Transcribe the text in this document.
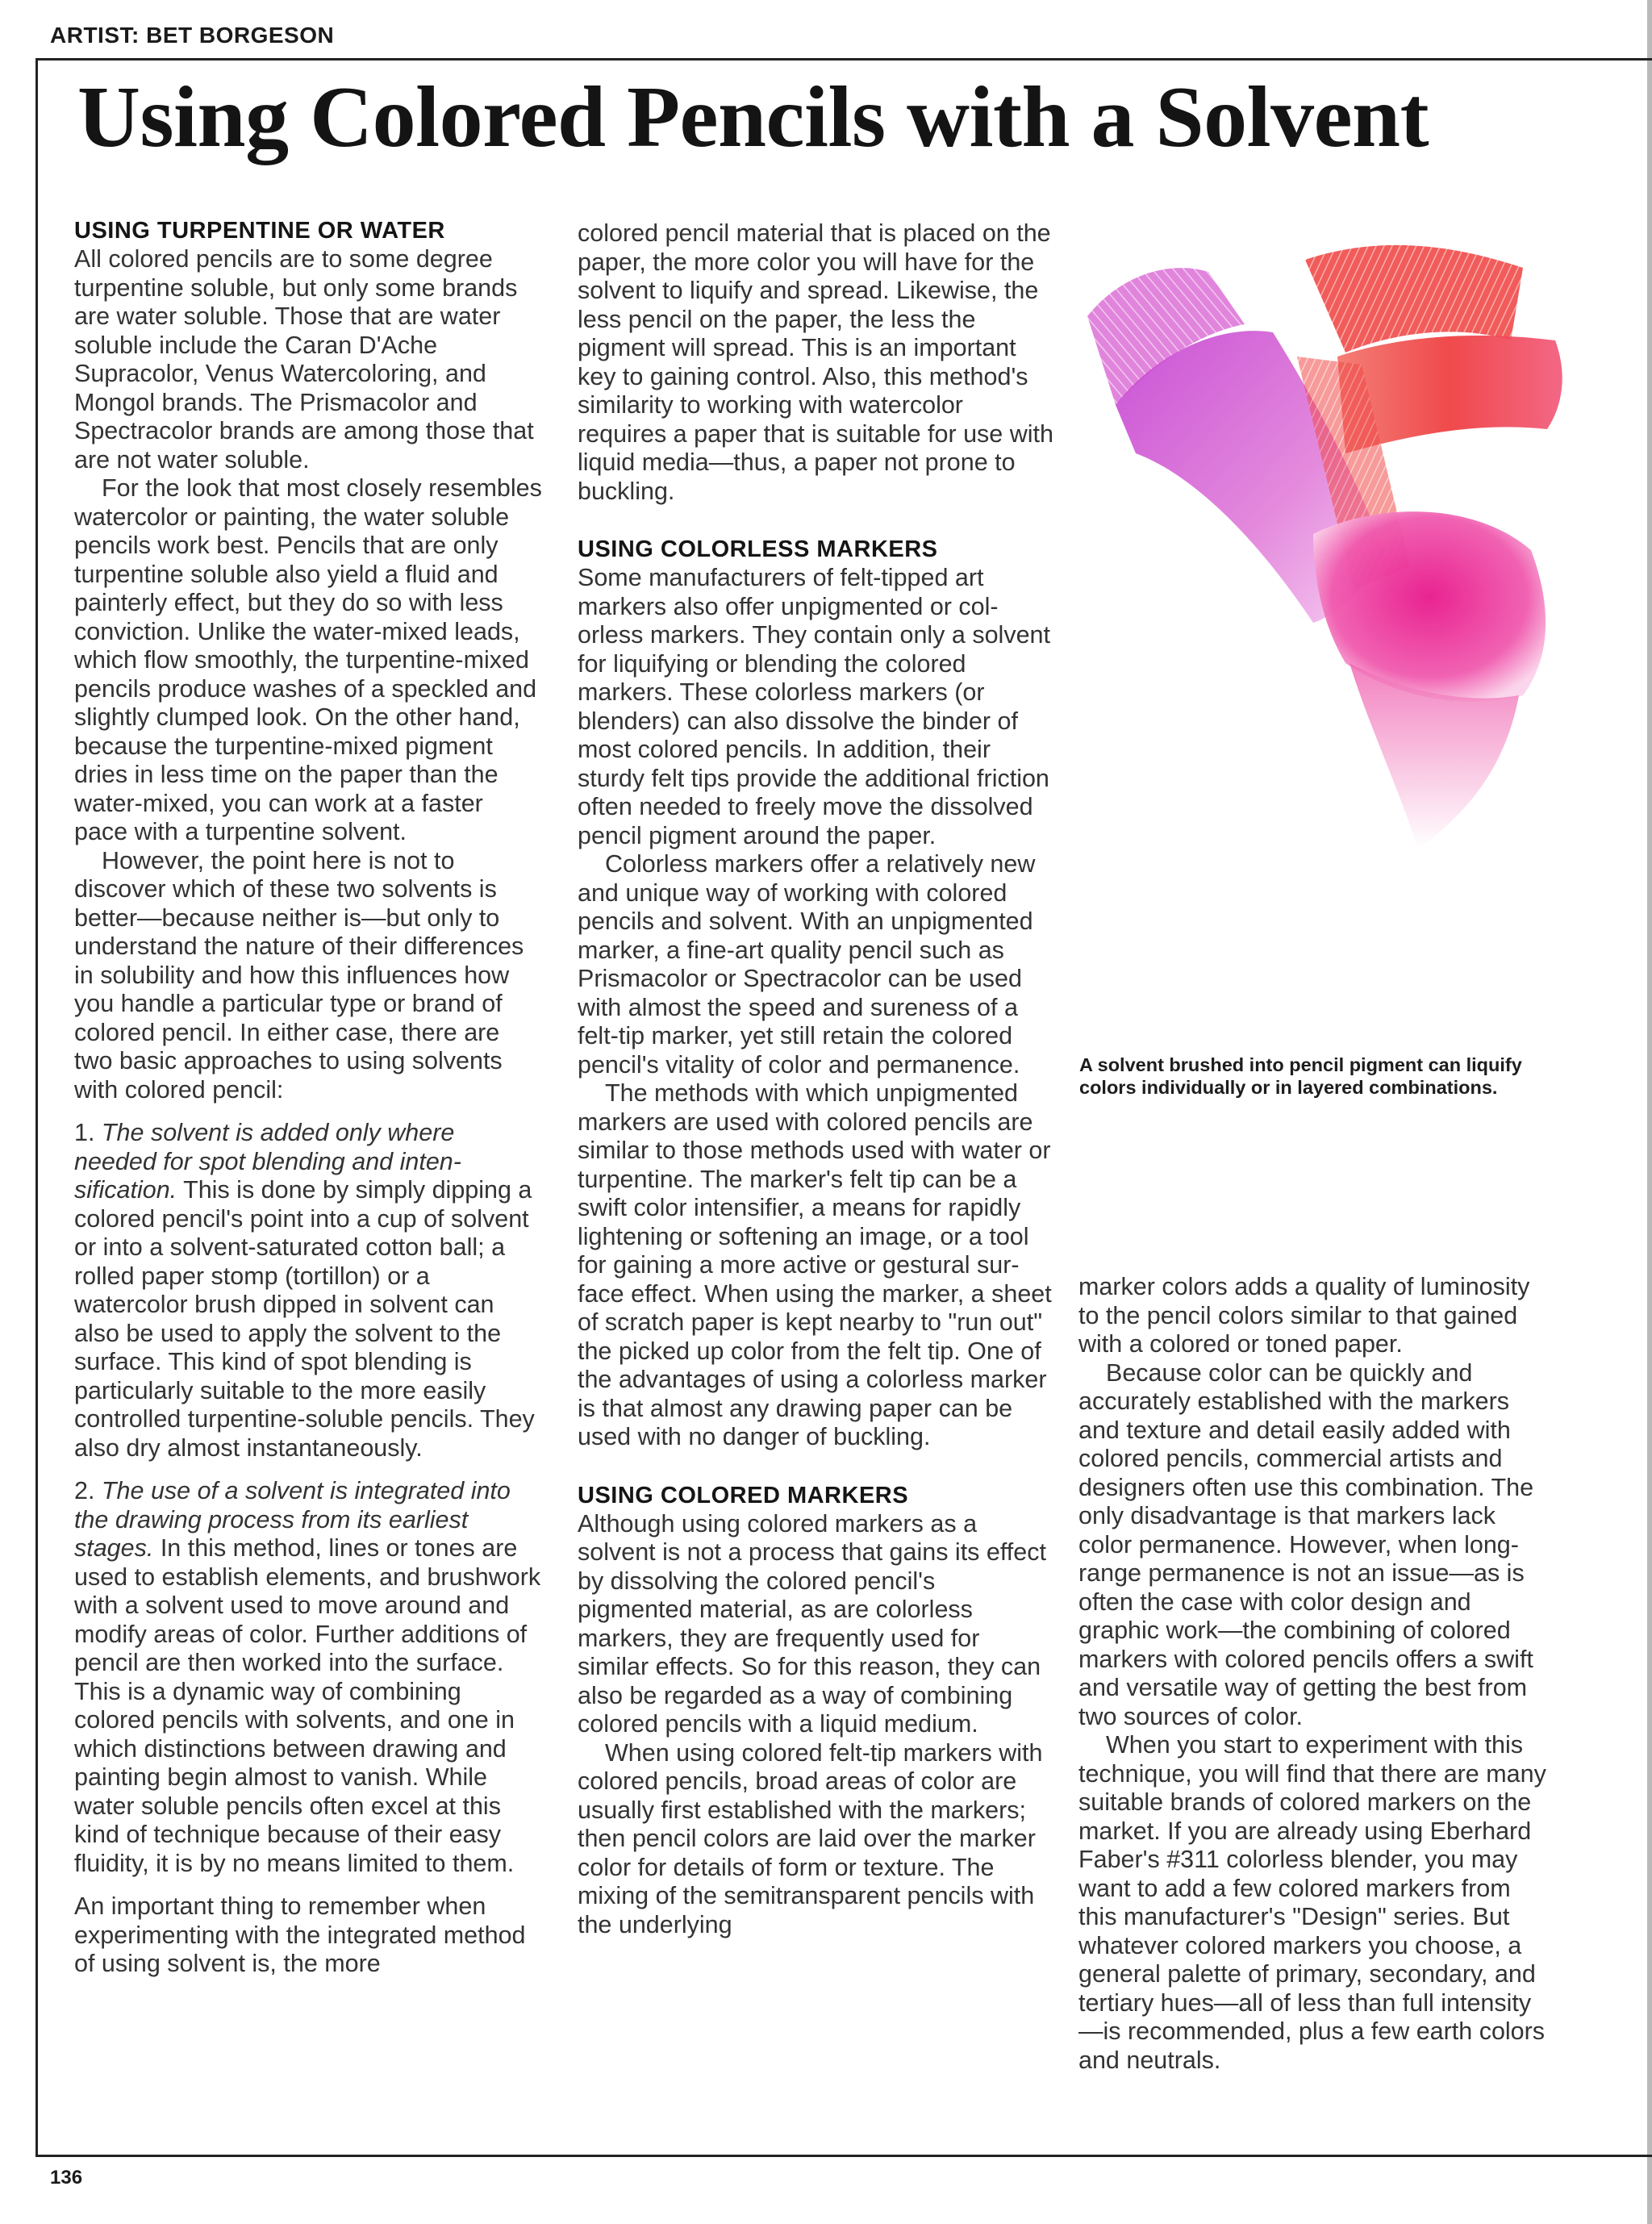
ARTIST: BET BORGESON
Using Colored Pencils with a Solvent
USING TURPENTINE OR WATER

All colored pencils are to some degree turpentine soluble, but only some brands are water soluble. Those that are water soluble include the Caran D'Ache Supracolor, Venus Watercoloring, and Mongol brands. The Prismacolor and Spectracolor brands are among those that are not water soluble.

For the look that most closely resembles watercolor or painting, the water soluble pencils work best. Pencils that are only turpentine soluble also yield a fluid and painterly effect, but they do so with less conviction. Unlike the water-mixed leads, which flow smoothly, the turpentine-mixed pencils produce washes of a speckled and slightly clumped look. On the other hand, because the turpentine-mixed pigment dries in less time on the paper than the water-mixed, you can work at a faster pace with a turpentine solvent.

However, the point here is not to discover which of these two solvents is better—because neither is—but only to understand the nature of their differences in solubility and how this influences how you handle a particular type or brand of colored pencil. In either case, there are two basic approaches to using solvents with colored pencil:

1. The solvent is added only where needed for spot blending and intensification. This is done by simply dipping a colored pencil's point into a cup of solvent or into a solvent-saturated cotton ball; a rolled paper stomp (tortillon) or a watercolor brush dipped in solvent can also be used to apply the solvent to the surface. This kind of spot blending is particularly suitable to the more easily controlled turpentine-soluble pencils. They also dry almost instantaneously.

2. The use of a solvent is integrated into the drawing process from its earliest stages. In this method, lines or tones are used to establish elements, and brushwork with a solvent used to move around and modify areas of color. Further additions of pencil are then worked into the surface. This is a dynamic way of combining colored pencils with solvents, and one in which distinctions between drawing and painting begin almost to vanish. While water soluble pencils often excel at this kind of technique because of their easy fluidity, it is by no means limited to them.

An important thing to remember when experimenting with the integrated method of using solvent is, the more

colored pencil material that is placed on the paper, the more color you will have for the solvent to liquify and spread. Likewise, the less pencil on the paper, the less the pigment will spread. This is an important key to gaining control. Also, this method's similarity to working with watercolor requires a paper that is suitable for use with liquid media—thus, a paper not prone to buckling.

USING COLORLESS MARKERS

Some manufacturers of felt-tipped art markers also offer unpigmented or colorless markers. They contain only a solvent for liquifying or blending the colored markers. These colorless markers (or blenders) can also dissolve the binder of most colored pencils. In addition, their sturdy felt tips provide the additional friction often needed to freely move the dissolved pencil pigment around the paper.

Colorless markers offer a relatively new and unique way of working with colored pencils and solvent. With an unpigmented marker, a fine-art quality pencil such as Prismacolor or Spectracolor can be used with almost the speed and sureness of a felt-tip marker, yet still retain the colored pencil's vitality of color and permanence.

The methods with which unpigmented markers are used with colored pencils are similar to those methods used with water or turpentine. The marker's felt tip can be a swift color intensifier, a means for rapidly lightening or softening an image, or a tool for gaining a more active or gestural surface effect. When using the marker, a sheet of scratch paper is kept nearby to "run out" the picked up color from the felt tip. One of the advantages of using a colorless marker is that almost any drawing paper can be used with no danger of buckling.

USING COLORED MARKERS

Although using colored markers as a solvent is not a process that gains its effect by dissolving the colored pencil's pigmented material, as are colorless markers, they are frequently used for similar effects. So for this reason, they can also be regarded as a way of combining colored pencils with a liquid medium.

When using colored felt-tip markers with colored pencils, broad areas of color are usually first established with the markers; then pencil colors are laid over the marker color for details of form or texture. The mixing of the semitransparent pencils with the underlying

A solvent brushed into pencil pigment can liquify colors individually or in layered combinations.

marker colors adds a quality of luminosity to the pencil colors similar to that gained with a colored or toned paper.

Because color can be quickly and accurately established with the markers and texture and detail easily added with colored pencils, commercial artists and designers often use this combination. The only disadvantage is that markers lack color permanence. However, when long-range permanence is not an issue—as is often the case with color design and graphic work—the combining of colored markers with colored pencils offers a swift and versatile way of getting the best from two sources of color.

When you start to experiment with this technique, you will find that there are many suitable brands of colored markers on the market. If you are already using Eberhard Faber's #311 colorless blender, you may want to add a few colored markers from this manufacturer's "Design" series. But whatever colored markers you choose, a general palette of primary, secondary, and tertiary hues—all of less than full intensity—is recommended, plus a few earth colors and neutrals.

136
